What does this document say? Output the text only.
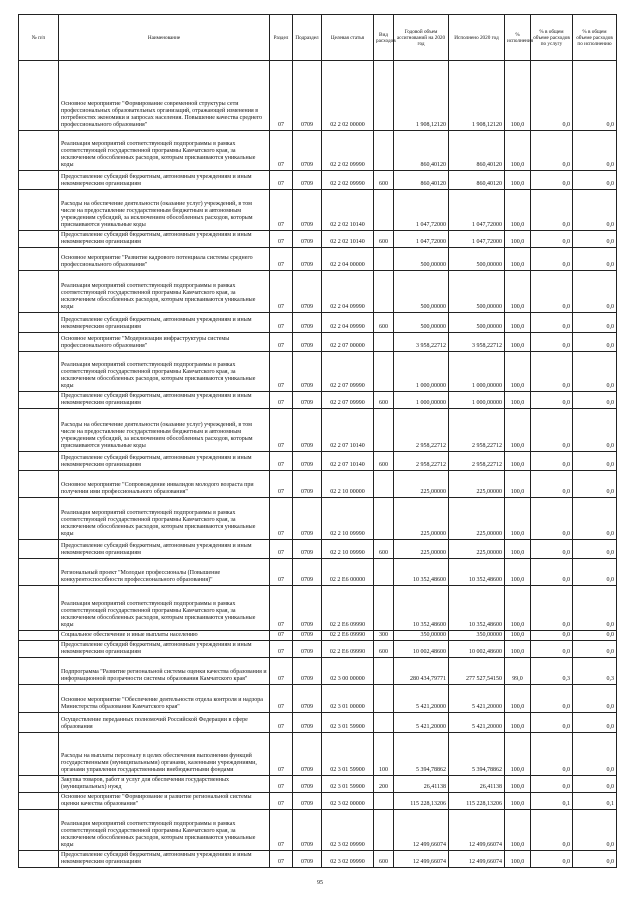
№ п/п	Наименование	Раздел	Подраздел	Целевая статья	Вид расходов	Годовой объем ассигнований на 2020 год	Исполнено 2020 год	% исполнения	% в общем объеме расходов по услугу	% в общем объеме расходов по исполнению
	Основное мероприятие "Формирование современной структуры сети профессиональных образовательных организаций, отражающей изменения в потребностях экономики и запросах населения. Повышение качества среднего профессионального образования"	07	0709	02 2 02 00000		1 908,12120	1 908,12120	100,0	0,0	0,0
	Реализация мероприятий соответствующей подпрограммы в рамках соответствующей государственной программы Камчатского края, за исключением обособленных расходов, которым присваиваются уникальные коды	07	0709	02 2 02 09990		860,40120	860,40120	100,0	0,0	0,0
	Предоставление субсидий бюджетным, автономным учреждениям и иным некоммерческим организациям	07	0709	02 2 02 09990	600	860,40120	860,40120	100,0	0,0	0,0
	Расходы на обеспечение деятельности (оказание услуг) учреждений, в том числе на предоставление государственным бюджетным и автономным учреждениям субсидий, за исключением обособленных расходов, которым присваиваются уникальные коды	07	0709	02 2 02 10140		1 047,72000	1 047,72000	100,0	0,0	0,0
	Предоставление субсидий бюджетным, автономным учреждениям и иным некоммерческим организациям	07	0709	02 2 02 10140	600	1 047,72000	1 047,72000	100,0	0,0	0,0
	Основное мероприятие "Развитие кадрового потенциала системы среднего профессионального образования"	07	0709	02 2 04 00000		500,00000	500,00000	100,0	0,0	0,0
	Реализация мероприятий соответствующей подпрограммы в рамках соответствующей государственной программы Камчатского края, за исключением обособленных расходов, которым присваиваются уникальные коды	07	0709	02 2 04 09990		500,00000	500,00000	100,0	0,0	0,0
	Предоставление субсидий бюджетным, автономным учреждениям и иным некоммерческим организациям	07	0709	02 2 04 09990	600	500,00000	500,00000	100,0	0,0	0,0
	Основное мероприятие "Модернизация инфраструктуры системы профессионального образования"	07	0709	02 2 07 00000		3 958,22712	3 958,22712	100,0	0,0	0,0
	Реализация мероприятий соответствующей подпрограммы в рамках соответствующей государственной программы Камчатского края, за исключением обособленных расходов, которым присваиваются уникальные коды	07	0709	02 2 07 09990		1 000,00000	1 000,00000	100,0	0,0	0,0
	Предоставление субсидий бюджетным, автономным учреждениям и иным некоммерческим организациям	07	0709	02 2 07 09990	600	1 000,00000	1 000,00000	100,0	0,0	0,0
	Расходы на обеспечение деятельности (оказание услуг) учреждений, в том числе на предоставление государственным бюджетным и автономным учреждениям субсидий, за исключением обособленных расходов, которым присваиваются уникальные коды	07	0709	02 2 07 10140		2 958,22712	2 958,22712	100,0	0,0	0,0
	Предоставление субсидий бюджетным, автономным учреждениям и иным некоммерческим организациям	07	0709	02 2 07 10140	600	2 958,22712	2 958,22712	100,0	0,0	0,0
	Основное мероприятие "Сопровождение инвалидов молодого возраста при получении ими профессионального образования"	07	0709	02 2 10 00000		225,00000	225,00000	100,0	0,0	0,0
	Реализация мероприятий соответствующей подпрограммы в рамках соответствующей государственной программы Камчатского края, за исключением обособленных расходов, которым присваиваются уникальные коды	07	0709	02 2 10 09990		225,00000	225,00000	100,0	0,0	0,0
	Предоставление субсидий бюджетным, автономным учреждениям и иным некоммерческим организациям	07	0709	02 2 10 09990	600	225,00000	225,00000	100,0	0,0	0,0
	Региональный проект "Молодые профессионалы (Повышение конкурентоспособности профессионального образования)"	07	0709	02 2 E6 00000		10 352,48600	10 352,48600	100,0	0,0	0,0
	Реализация мероприятий соответствующей подпрограммы в рамках соответствующей государственной программы Камчатского края, за исключением обособленных расходов, которым присваиваются уникальные коды	07	0709	02 2 E6 09990		10 352,48600	10 352,48600	100,0	0,0	0,0
	Социальное обеспечение и иные выплаты населению	07	0709	02 2 E6 09990	300	350,00000	350,00000	100,0	0,0	0,0
	Предоставление субсидий бюджетным, автономным учреждениям и иным некоммерческим организациям	07	0709	02 2 E6 09990	600	10 002,48600	10 002,48600	100,0	0,0	0,0
	Подпрограмма "Развитие региональной системы оценки качества образования и информационной прозрачности системы образования Камчатского края"	07	0709	02 3 00 00000		280 434,79771	277 527,54150	99,0	0,3	0,3
	Основное мероприятие "Обеспечение деятельности отдела контроля и надзора Министерства образования Камчатского края"	07	0709	02 3 01 00000		5 421,20000	5 421,20000	100,0	0,0	0,0
	Осуществление переданных полномочий Российской Федерации в сфере образования	07	0709	02 3 01 59900		5 421,20000	5 421,20000	100,0	0,0	0,0
	Расходы на выплаты персоналу в целях обеспечения выполнения функций государственными (муниципальными) органами, казенными учреждениями, органами управления государственными внебюджетными фондами	07	0709	02 3 01 59900	100	5 394,78862	5 394,78862	100,0	0,0	0,0
	Закупка товаров, работ и услуг для обеспечения государственных (муниципальных) нужд	07	0709	02 3 01 59900	200	26,41138	26,41138	100,0	0,0	0,0
	Основное мероприятие "Формирование и развитие региональной системы оценки качества образования"	07	0709	02 3 02 00000		115 228,13206	115 228,13206	100,0	0,1	0,1
	Реализация мероприятий соответствующей подпрограммы в рамках соответствующей государственной программы Камчатского края, за исключением обособленных расходов, которым присваиваются уникальные коды	07	0709	02 3 02 09990		12 499,66074	12 499,66074	100,0	0,0	0,0
	Предоставление субсидий бюджетным, автономным учреждениям и иным некоммерческим организациям	07	0709	02 3 02 09990	600	12 499,66074	12 499,66074	100,0	0,0	0,0
95
